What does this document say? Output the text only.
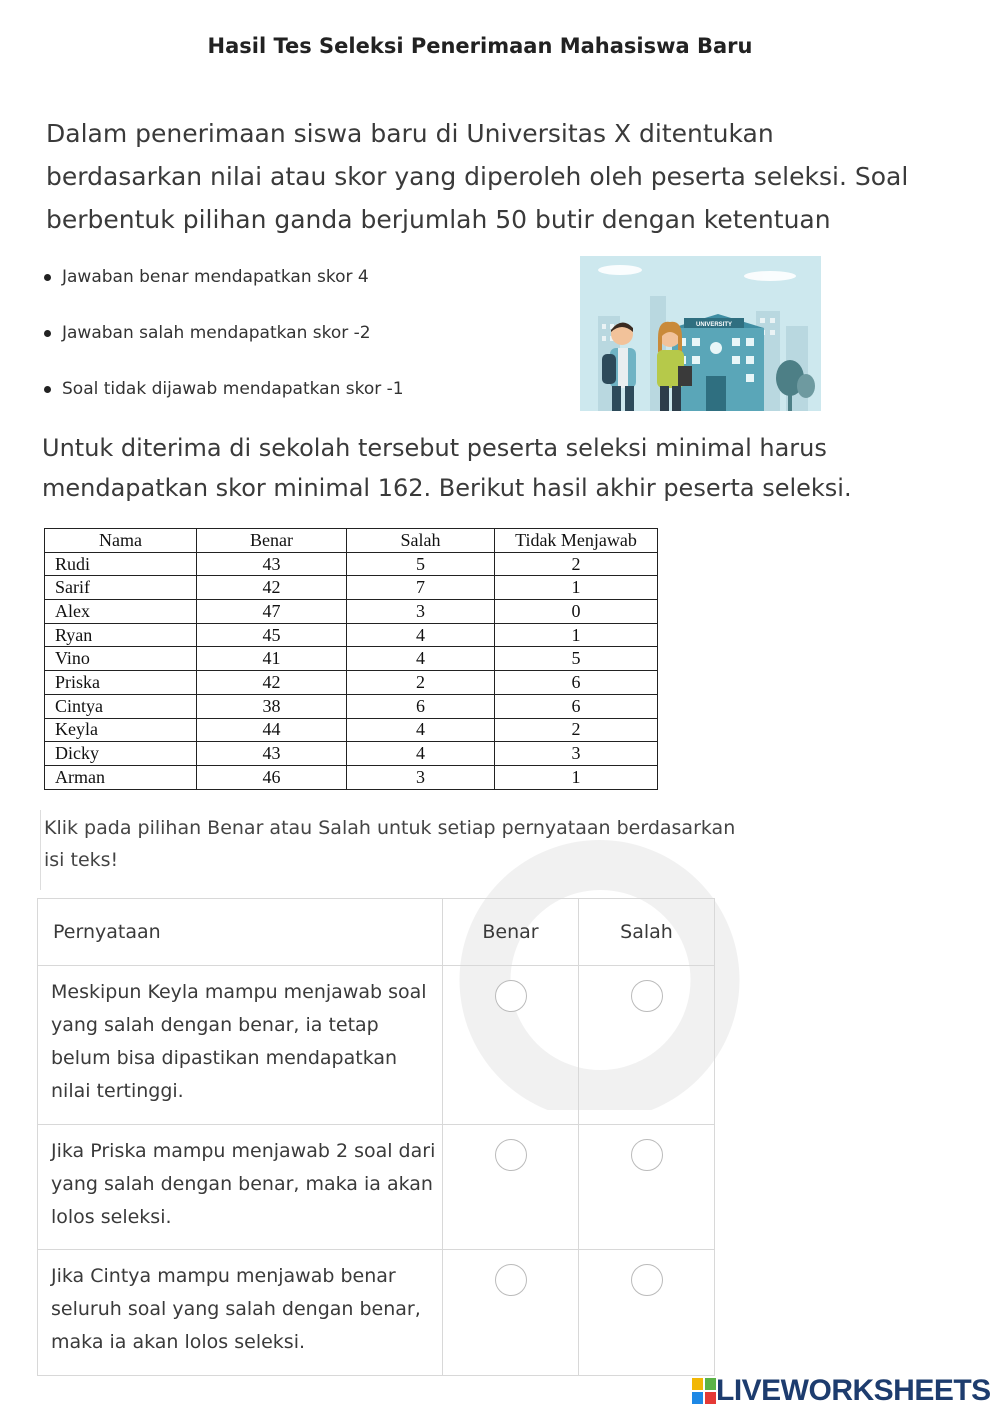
Hasil Tes Seleksi Penerimaan Mahasiswa Baru

Dalam penerimaan siswa baru di Universitas X ditentukan berdasarkan nilai atau skor yang diperoleh oleh peserta seleksi. Soal berbentuk pilihan ganda berjumlah 50 butir dengan ketentuan

Jawaban benar mendapatkan skor 4
Jawaban salah mendapatkan skor -2
Soal tidak dijawab mendapatkan skor -1
UNIVERSITY

Untuk diterima di sekolah tersebut peserta seleksi minimal harus mendapatkan skor minimal 162. Berikut hasil akhir peserta seleksi.

Nama	Benar	Salah	Tidak Menjawab
Rudi	43	5	2
Sarif	42	7	1
Alex	47	3	0
Ryan	45	4	1
Vino	41	4	5
Priska	42	2	6
Cintya	38	6	6
Keyla	44	4	2
Dicky	43	4	3
Arman	46	3	1

Klik pada pilihan Benar atau Salah untuk setiap pernyataan berdasarkan isi teks!

Pernyataan	Benar	Salah
Meskipun Keyla mampu menjawab soal yang salah dengan benar, ia tetap belum bisa dipastikan mendapatkan nilai tertinggi.		
Jika Priska mampu menjawab 2 soal dari yang salah dengan benar, maka ia akan lolos seleksi.		
Jika Cintya mampu menjawab benar seluruh soal yang salah dengan benar, maka ia akan lolos seleksi.		
LIVEWORKSHEETS
